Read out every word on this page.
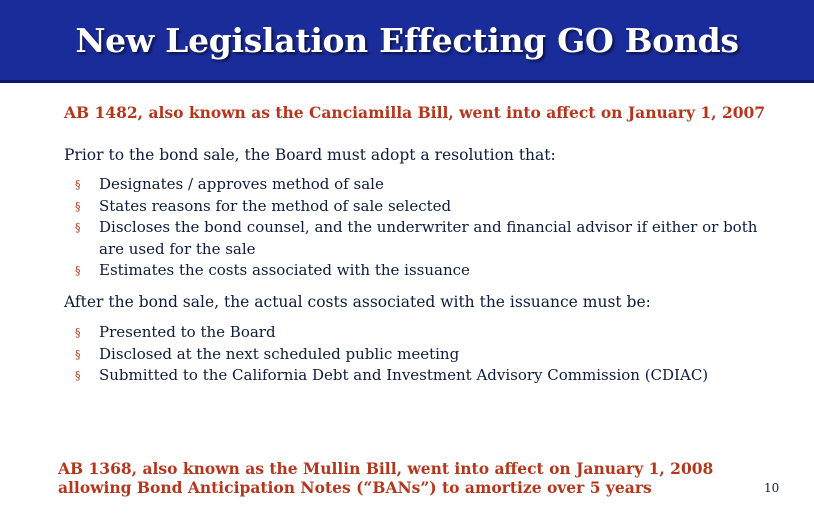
New Legislation Effecting GO Bonds

AB 1482, also known as the Canciamilla Bill, went into affect on January 1, 2007

Prior to the bond sale, the Board must adopt a resolution that:

§ Designates / approves method of sale
§ States reasons for the method of sale selected
§ Discloses the bond counsel, and the underwriter and financial advisor if either or both are used for the sale
§ Estimates the costs associated with the issuance

After the bond sale, the actual costs associated with the issuance must be:

§ Presented to the Board
§ Disclosed at the next scheduled public meeting
§ Submitted to the California Debt and Investment Advisory Commission (CDIAC)

AB 1368, also known as the Mullin Bill, went into affect on January 1, 2008 allowing Bond Anticipation Notes (“BANs”) to amortize over 5 years	10
